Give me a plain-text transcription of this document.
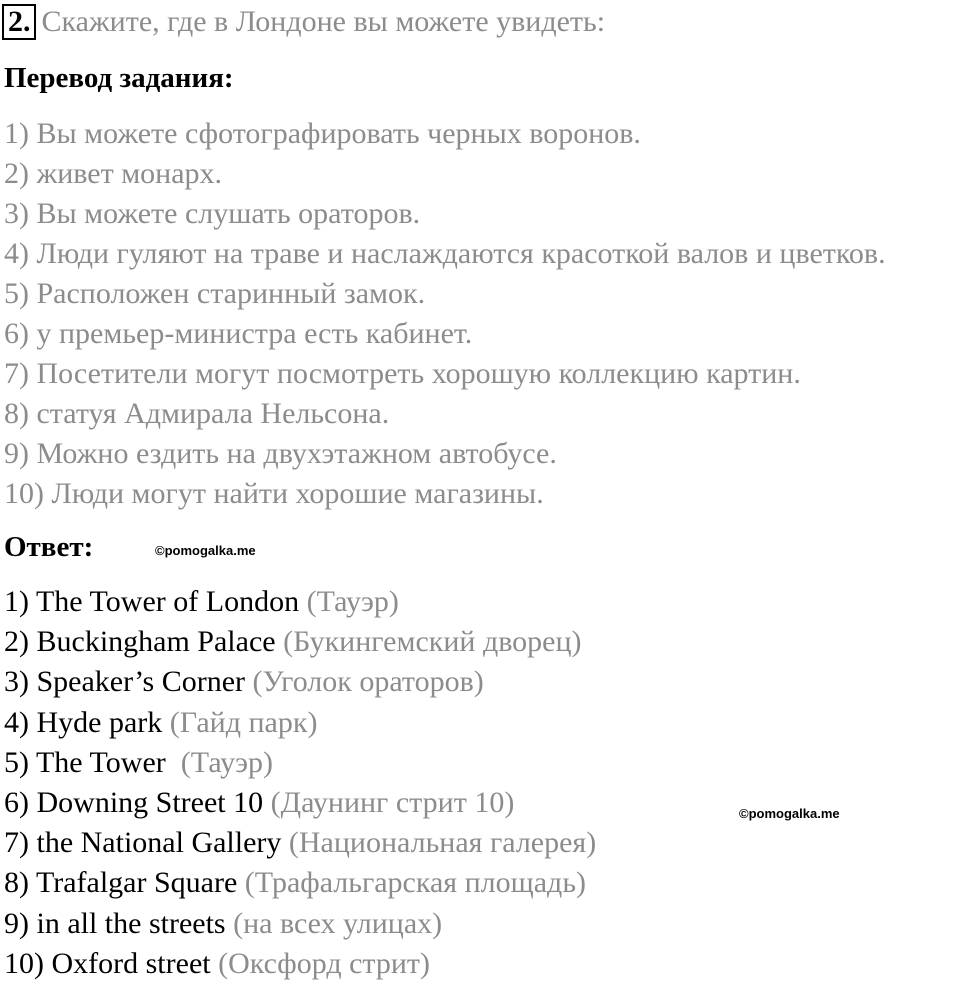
2. Скажите, где в Лондоне вы можете увидеть:
Перевод задания:
1) Вы можете сфотографировать черных воронов.
2) живет монарх.
3) Вы можете слушать ораторов.
4) Люди гуляют на траве и наслаждаются красоткой валов и цветков.
5) Расположен старинный замок.
6) у премьер-министра есть кабинет.
7) Посетители могут посмотреть хорошую коллекцию картин.
8) статуя Адмирала Нельсона.
9) Можно ездить на двухэтажном автобусе.
10) Люди могут найти хорошие магазины.
Ответ:	©pomogalka.me
1) The Tower of London (Тауэр)
2) Buckingham Palace (Букингемский дворец)
3) Speaker’s Corner (Уголок ораторов)
4) Hyde park (Гайд парк)
5) The Tower  (Тауэр)
6) Downing Street 10 (Даунинг стрит 10)
7) the National Gallery (Национальная галерея)
8) Trafalgar Square (Трафальгарская площадь)
9) in all the streets (на всех улицах)
10) Oxford street (Оксфорд стрит)
©pomogalka.me
